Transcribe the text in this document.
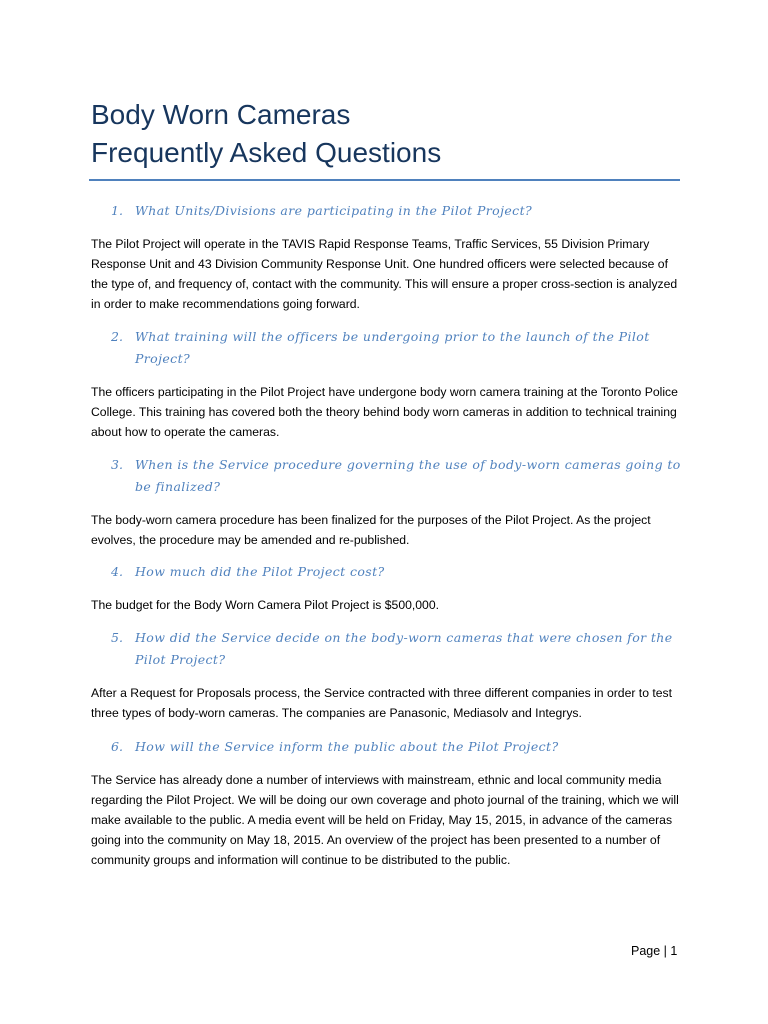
Body Worn Cameras
Frequently Asked Questions
1. What Units/Divisions are participating in the Pilot Project?

The Pilot Project will operate in the TAVIS Rapid Response Teams, Traffic Services, 55 Division Primary Response Unit and 43 Division Community Response Unit. One hundred officers were selected because of the type of, and frequency of, contact with the community. This will ensure a proper cross-section is analyzed in order to make recommendations going forward.

2. What training will the officers be undergoing prior to the launch of the Pilot Project?

The officers participating in the Pilot Project have undergone body worn camera training at the Toronto Police College. This training has covered both the theory behind body worn cameras in addition to technical training about how to operate the cameras.

3. When is the Service procedure governing the use of body-worn cameras going to be finalized?

The body-worn camera procedure has been finalized for the purposes of the Pilot Project. As the project evolves, the procedure may be amended and re-published.

4. How much did the Pilot Project cost?

The budget for the Body Worn Camera Pilot Project is $500,000.

5. How did the Service decide on the body-worn cameras that were chosen for the Pilot Project?

After a Request for Proposals process, the Service contracted with three different companies in order to test three types of body-worn cameras. The companies are Panasonic, Mediasolv and Integrys.

6. How will the Service inform the public about the Pilot Project?

The Service has already done a number of interviews with mainstream, ethnic and local community media regarding the Pilot Project. We will be doing our own coverage and photo journal of the training, which we will make available to the public. A media event will be held on Friday, May 15, 2015, in advance of the cameras going into the community on May 18, 2015. An overview of the project has been presented to a number of community groups and information will continue to be distributed to the public.

Page | 1
